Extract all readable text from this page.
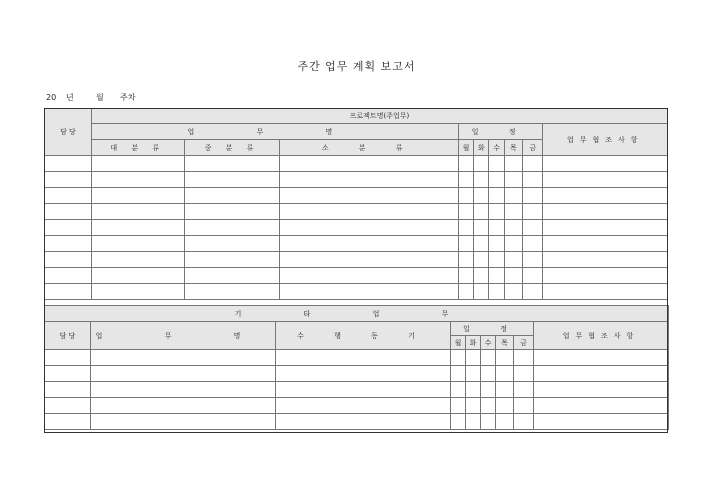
주간 업무 계획 보고서
20 년	월 주차
담 당	프로젝트명(주업무)								
	업 무 명			일 정					업무협조사항
	대 분 류	중 분 류	소 분 류	월	화	수	목	금	

기 타 업 무								
담 당	업 무 명	수 행 동 기	일 정					업무협조사항
			월	화	수	목	금	
